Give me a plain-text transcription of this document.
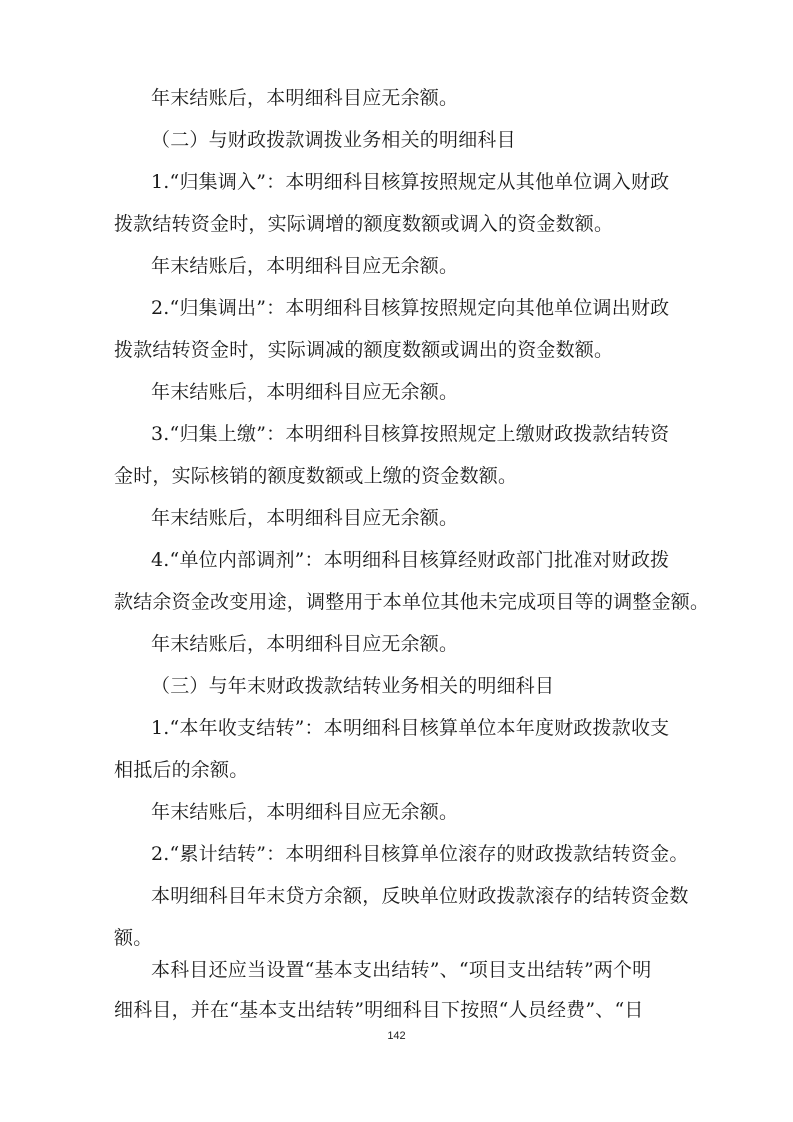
年末结账后，本明细科目应无余额。

（二）与财政拨款调拨业务相关的明细科目

1.“归集调入”：本明细科目核算按照规定从其他单位调入财政

拨款结转资金时，实际调增的额度数额或调入的资金数额。

年末结账后，本明细科目应无余额。

2.“归集调出”：本明细科目核算按照规定向其他单位调出财政

拨款结转资金时，实际调减的额度数额或调出的资金数额。

年末结账后，本明细科目应无余额。

3.“归集上缴”：本明细科目核算按照规定上缴财政拨款结转资

金时，实际核销的额度数额或上缴的资金数额。

年末结账后，本明细科目应无余额。

4.“单位内部调剂”：本明细科目核算经财政部门批准对财政拨

款结余资金改变用途，调整用于本单位其他未完成项目等的调整金额。

年末结账后，本明细科目应无余额。

（三）与年末财政拨款结转业务相关的明细科目

1.“本年收支结转”：本明细科目核算单位本年度财政拨款收支

相抵后的余额。

年末结账后，本明细科目应无余额。

2.“累计结转”：本明细科目核算单位滚存的财政拨款结转资金。

本明细科目年末贷方余额，反映单位财政拨款滚存的结转资金数

额。

本科目还应当设置“基本支出结转”、“项目支出结转”两个明

细科目，并在“基本支出结转”明细科目下按照“人员经费”、“日

142
